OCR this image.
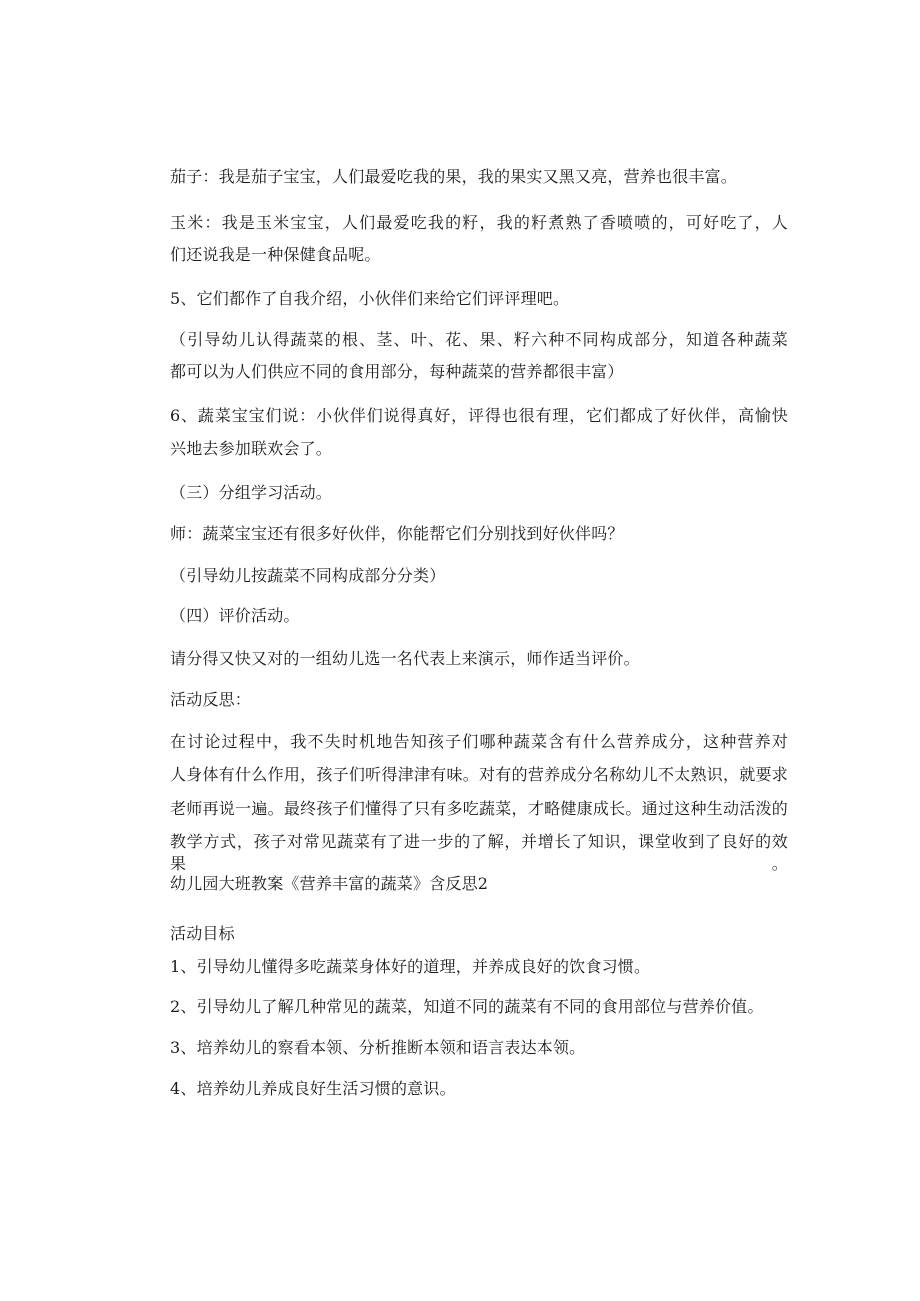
茄子：我是茄子宝宝，人们最爱吃我的果，我的果实又黑又亮，营养也很丰富。
玉米：我是玉米宝宝，人们最爱吃我的籽，我的籽煮熟了香喷喷的，可好吃了，人
们还说我是一种保健食品呢。
5、它们都作了自我介绍，小伙伴们来给它们评评理吧。
（引导幼儿认得蔬菜的根、茎、叶、花、果、籽六种不同构成部分，知道各种蔬菜
都可以为人们供应不同的食用部分，每种蔬菜的营养都很丰富）
6、蔬菜宝宝们说：小伙伴们说得真好，评得也很有理，它们都成了好伙伴，高愉快
兴地去参加联欢会了。
（三）分组学习活动。
师：蔬菜宝宝还有很多好伙伴，你能帮它们分别找到好伙伴吗？
（引导幼儿按蔬菜不同构成部分分类）
（四）评价活动。
请分得又快又对的一组幼儿选一名代表上来演示，师作适当评价。
活动反思：
在讨论过程中，我不失时机地告知孩子们哪种蔬菜含有什么营养成分，这种营养对
人身体有什么作用，孩子们听得津津有味。对有的营养成分名称幼儿不太熟识，就要求
老师再说一遍。最终孩子们懂得了只有多吃蔬菜，才略健康成长。通过这种生动活泼的
教学方式，孩子对常见蔬菜有了进一步的了解，并增长了知识，课堂收到了良好的效果。
幼儿园大班教案《营养丰富的蔬菜》含反思2
活动目标
1、引导幼儿懂得多吃蔬菜身体好的道理，并养成良好的饮食习惯。
2、引导幼儿了解几种常见的蔬菜，知道不同的蔬菜有不同的食用部位与营养价值。
3、培养幼儿的察看本领、分析推断本领和语言表达本领。
4、培养幼儿养成良好生活习惯的意识。
